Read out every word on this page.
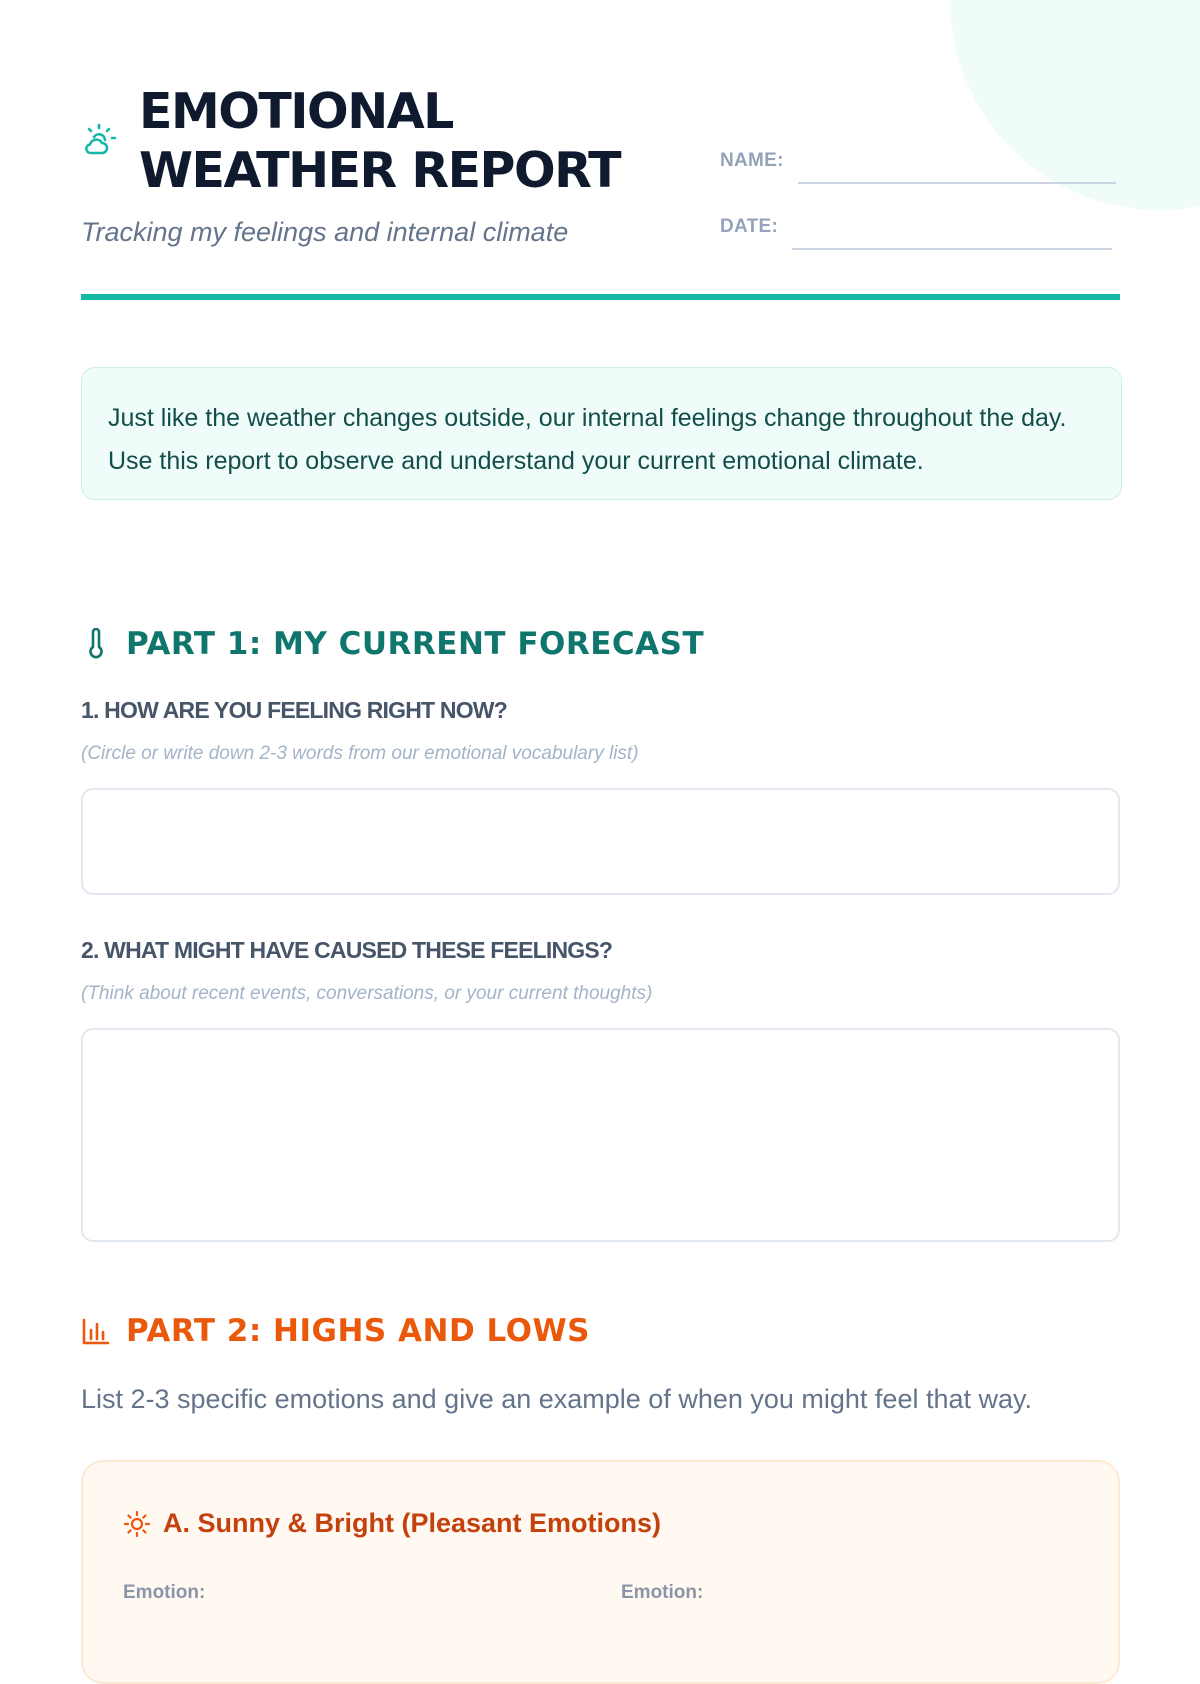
EMOTIONAL
WEATHER REPORT

Tracking my feelings and internal climate

NAME:
DATE:

Just like the weather changes outside, our internal feelings change throughout the day. Use this report to observe and understand your current emotional climate.

PART 1: MY CURRENT FORECAST

1. HOW ARE YOU FEELING RIGHT NOW?

(Circle or write down 2-3 words from our emotional vocabulary list)

2. WHAT MIGHT HAVE CAUSED THESE FEELINGS?

(Think about recent events, conversations, or your current thoughts)

PART 2: HIGHS AND LOWS

List 2-3 specific emotions and give an example of when you might feel that way.

A. Sunny & Bright (Pleasant Emotions)
Emotion:	Emotion:
